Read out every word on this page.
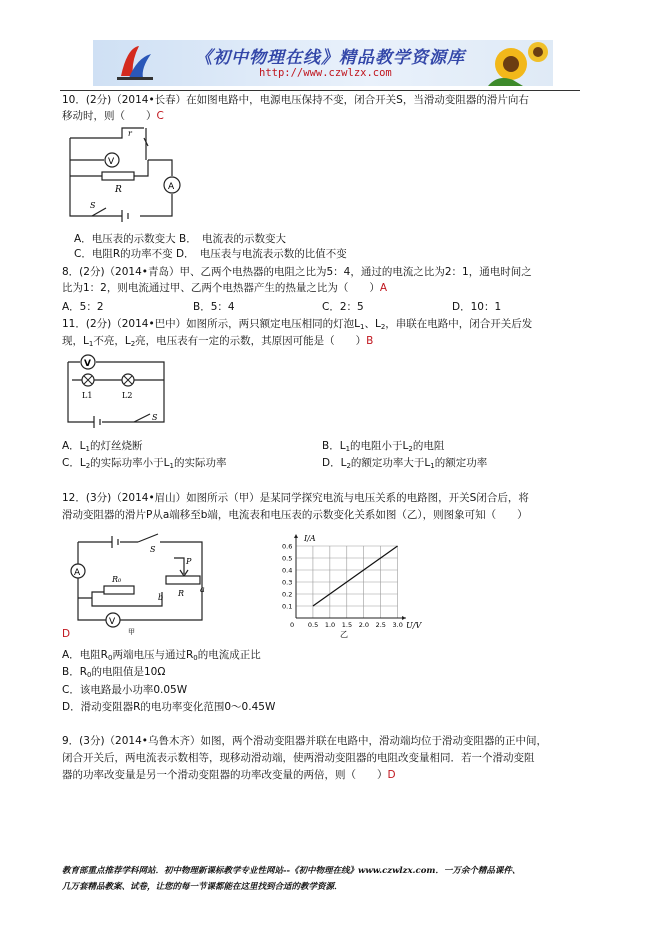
《初中物理在线》精品教学资源库
http://www.czwlzx.com
10．(2分)（2014•长春）在如图电路中，电源电压保持不变，闭合开关S，当滑动变阻器的滑片向右
移动时，则（　　）C
V
A
R
r
S
A．电压表的示数变大 B．　电流表的示数变大
C．电阻R的功率不变 D．　电压表与电流表示数的比值不变
8．(2分)（2014•青岛）甲、乙两个电热器的电阻之比为5：4，通过的电流之比为2：1，通电时间之
比为1：2，则电流通过甲、乙两个电热器产生的热量之比为（　　）A
A．5：2	B．5：4	C．2：5	D．10：1
11．(2分)（2014•巴中）如图所示，两只额定电压相同的灯泡$L_1$、$L_2$，串联在电路中，闭合开关后发
现，$L_1$不亮，$L_2$亮，电压表有一定的示数，其原因可能是（　　）B
V
L1	L2
S
A．$L_1$的灯丝烧断	B．$L_1$的电阻小于$L_2$的电阻
C．$L_2$的实际功率小于$L_1$的实际功率	D．$L_2$的额定功率大于$L_1$的额定功率
12．(3分)（2014•眉山）如图所示（甲）是某同学探究电流与电压关系的电路图，开关S闭合后，将
滑动变阻器的滑片P从a端移至b端，电流表和电压表的示数变化关系如图（乙），则图象可知（　　）
A
V
S
P
R₀
b R a
甲
0 0.5 1.0 1.5 2.0 2.5 3.0
0.1
0.2
0.3
0.4
0.5
0.6
I/A
U/V
乙
D
A．电阻$R_0$两端电压与通过$R_0$的电流成正比
B．$R_0$的电阻值是10Ω
C．该电路最小功率0.05W
D．滑动变阻器R的电功率变化范围0～0.45W
9．(3分)（2014•乌鲁木齐）如图，两个滑动变阻器并联在电路中，滑动端均位于滑动变阻器的正中间，
闭合开关后，两电流表示数相等，现移动滑动端，使两滑动变阻器的电阻改变量相同．若一个滑动变阻
器的功率改变量是另一个滑动变阻器的功率改变量的两倍，则（　　）D
教育部重点推荐学科网站．初中物理新课标教学专业性网站--《初中物理在线》www.czwlzx.com．一万余个精品课件、
几万套精品教案、试卷，让您的每一节课都能在这里找到合适的教学资源．
